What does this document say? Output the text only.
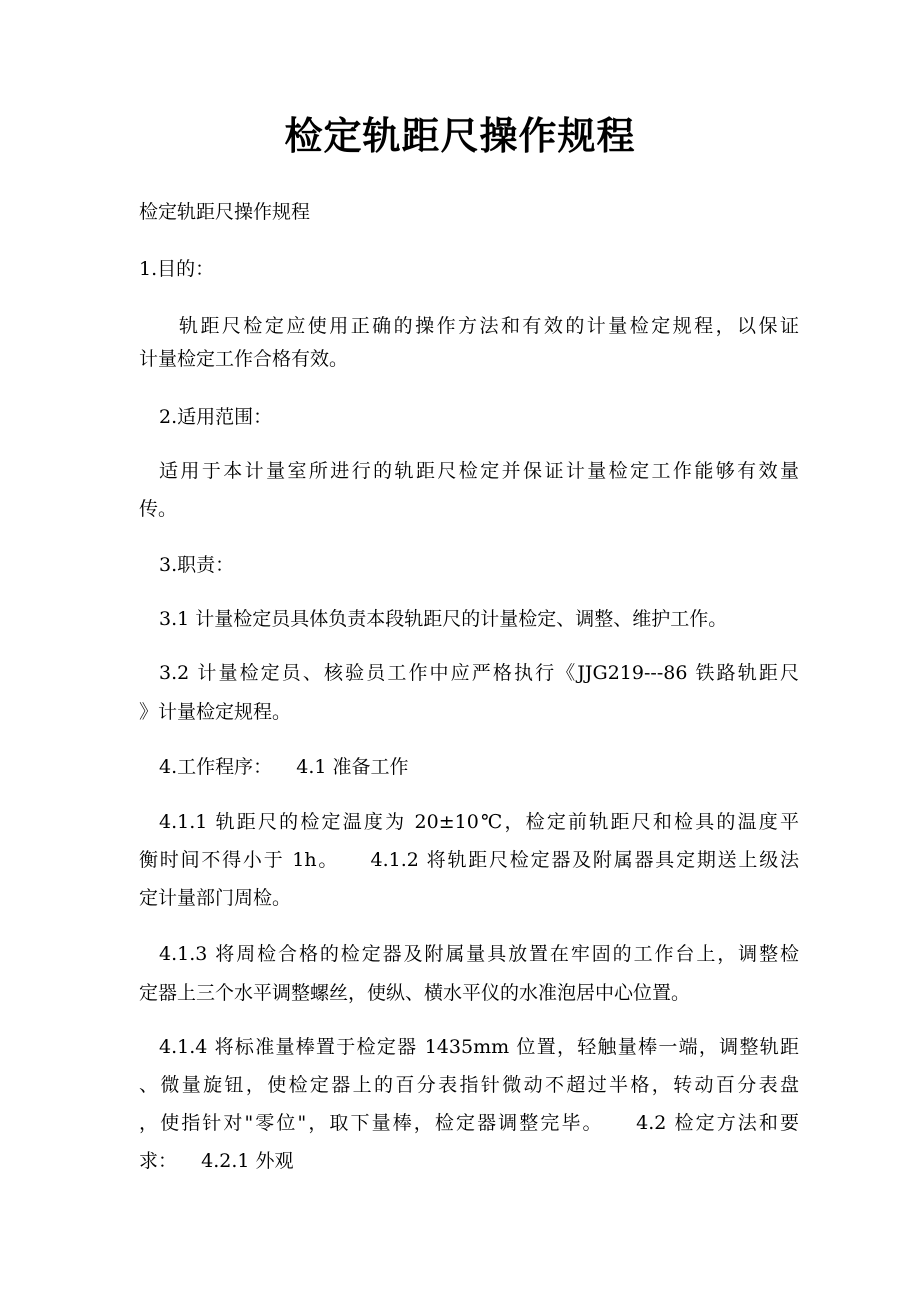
检定轨距尺操作规程
检定轨距尺操作规程
1.目的：
轨距尺检定应使用正确的操作方法和有效的计量检定规程，以保证
计量检定工作合格有效。
2.适用范围：
适用于本计量室所进行的轨距尺检定并保证计量检定工作能够有效量
传。
3.职责：
3.1 计量检定员具体负责本段轨距尺的计量检定、调整、维护工作。
3.2 计量检定员、核验员工作中应严格执行《JJG219---86 铁路轨距尺
》计量检定规程。
4.工作程序：    4.1 准备工作
4.1.1 轨距尺的检定温度为 20±10℃，检定前轨距尺和检具的温度平
衡时间不得小于 1h。    4.1.2 将轨距尺检定器及附属器具定期送上级法
定计量部门周检。
4.1.3 将周检合格的检定器及附属量具放置在牢固的工作台上，调整检
定器上三个水平调整螺丝，使纵、横水平仪的水准泡居中心位置。
4.1.4 将标准量棒置于检定器 1435mm 位置，轻触量棒一端，调整轨距
、微量旋钮，使检定器上的百分表指针微动不超过半格，转动百分表盘
，使指针对"零位"，取下量棒，检定器调整完毕。    4.2 检定方法和要
求：    4.2.1 外观
